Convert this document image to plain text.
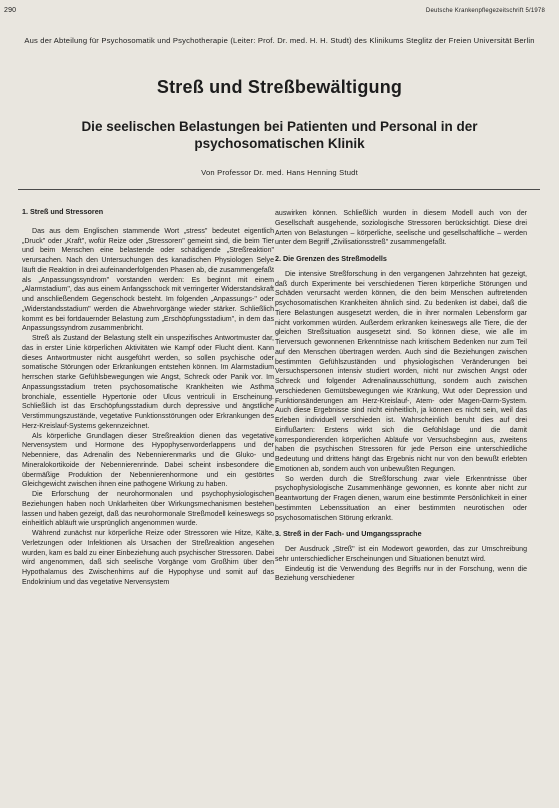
290	Deutsche Krankenpflegezeitschrift 5/1978
Aus der Abteilung für Psychosomatik und Psychotherapie (Leiter: Prof. Dr. med. H. H. Studt) des Klinikums Steglitz der Freien Universität Berlin
Streß und Streßbewältigung
Die seelischen Belastungen bei Patienten und Personal in der psychosomatischen Klinik
Von Professor Dr. med. Hans Henning Studt
1. Streß und Stressoren

Das aus dem Englischen stammende Wort „stress" bedeutet eigentlich „Druck" oder „Kraft", wofür Reize oder „Stressoren" gemeint sind, die beim Tier und beim Menschen eine belastende oder schädigende „Streßreaktion" verursachen. Nach den Untersuchungen des kanadischen Physiologen Selye läuft die Reaktion in drei aufeinanderfolgenden Phasen ab, die zusammengefaßt als „Anpassungssyndrom" vorstanden werden: Es beginnt mit einem „Alarmstadium", das aus einem Anfangsschock mit verringerter Widerstandskraft und anschließendem Gegenschock besteht. Im folgenden „Anpassungs-" oder „Widerstandsstadium" werden die Abwehrvorgänge wieder stärker. Schließlich kommt es bei fortdauernder Belastung zum „Erschöpfungsstadium", in dem das Anpassungssyndrom zusammenbricht.

Streß als Zustand der Belastung stellt ein unspezifisches Antwortmuster dar, das in erster Linie körperlichen Aktivitäten wie Kampf oder Flucht dient. Kann dieses Antwortmuster nicht ausgeführt werden, so sollen psychische oder somatische Störungen oder Erkrankungen entstehen können. Im Alarmstadium herrschen starke Gefühlsbewegungen wie Angst, Schreck oder Panik vor. Im Anpassungsstadium treten psychosomatische Krankheiten wie Asthma bronchiale, essentielle Hypertonie oder Ulcus ventriculi in Erscheinung. Schließlich ist das Erschöpfungsstadium durch depressive und ängstliche Verstimmungszustände, vegetative Funktionsstörungen oder Erkrankungen des Herz-Kreislauf-Systems gekennzeichnet.

Als körperliche Grundlagen dieser Streßreaktion dienen das vegetative Nervensystem und Hormone des Hypophysenvorderlappens und der Nebenniere, das Adrenalin des Nebennierenmarks und die Gluko- und Mineralokortikoide der Nebennierenrinde. Dabei scheint insbesondere die übermäßige Produktion der Nebennierenhormone und ein gestörtes Gleichgewicht zwischen ihnen eine pathogene Wirkung zu haben.

Die Erforschung der neurohormonalen und psychophysiologischen Beziehungen haben noch Unklarheiten über Wirkungsmechanismen bestehen lassen und haben gezeigt, daß das neurohormonale Streßmodell keineswegs so einheitlich abläuft wie ursprünglich angenommen wurde.

Während zunächst nur körperliche Reize oder Stressoren wie Hitze, Kälte, Verletzungen oder Infektionen als Ursachen der Streßreaktion angesehen wurden, kam es bald zu einer Einbeziehung auch psychischer Stressoren. Dabei wird angenommen, daß sich seelische Vorgänge vom Großhirn über den Hypothalamus des Zwischenhirns auf die Hypophyse und somit auf das Endokrinium und das vegetative Nervensystem

auswirken können. Schließlich wurden in diesem Modell auch von der Gesellschaft ausgehende, soziologische Stressoren berücksichtigt. Diese drei Arten von Belastungen – körperliche, seelische und gesellschaftliche – werden unter dem Begriff „Zivilisationsstreß" zusammengefaßt.

2. Die Grenzen des Streßmodells

Die intensive Streßforschung in den vergangenen Jahrzehnten hat gezeigt, daß durch Experimente bei verschiedenen Tieren körperliche Störungen und Schäden verursacht werden können, die den beim Menschen auftretenden psychosomatischen Krankheiten ähnlich sind. Zu bedenken ist dabei, daß die Tiere Belastungen ausgesetzt werden, die in ihrer normalen Lebensform gar nicht vorkommen würden. Außerdem erkranken keineswegs alle Tiere, die der gleichen Streßsituation ausgesetzt sind. So können diese, wie alle im Tierversuch gewonnenen Erkenntnisse nach kritischem Bedenken nur zum Teil auf den Menschen übertragen werden. Auch sind die Beziehungen zwischen bestimmten Gefühlszuständen und physiologischen Veränderungen bei Versuchspersonen intensiv studiert worden, nicht nur zwischen Angst oder Schreck und folgender Adrenalinausschüttung, sondern auch zwischen verschiedenen Gemütsbewegungen wie Kränkung, Wut oder Depression und Funktionsänderungen am Herz-Kreislauf-, Atem- oder Magen-Darm-System. Auch diese Ergebnisse sind nicht einheitlich, ja können es nicht sein, weil das Erleben individuell verschieden ist. Wahrscheinlich beruht dies auf drei Einflußarten: Erstens wirkt sich die Gefühlslage und die damit korrespondierenden körperlichen Abläufe vor Versuchsbeginn aus, zweitens haben die psychischen Stressoren für jede Person eine unterschiedliche Bedeutung und drittens hängt das Ergebnis nicht nur von den bewußt erlebten Emotionen ab, sondern auch von unbewußten Regungen.

So werden durch die Streßforschung zwar viele Erkenntnisse über psychophysiologische Zusammenhänge gewonnen, es konnte aber nicht zur Beantwortung der Fragen dienen, warum eine bestimmte Persönlichkeit in einer bestimmten Lebenssituation an einer bestimmten neurotischen oder psychosomatischen Störung erkrankt.

3. Streß in der Fach- und Umgangssprache

Der Ausdruck „Streß" ist ein Modewort geworden, das zur Umschreibung sehr unterschiedlicher Erscheinungen und Situationen benutzt wird.

Eindeutig ist die Verwendung des Begriffs nur in der Forschung, wenn die Beziehung verschiedener
